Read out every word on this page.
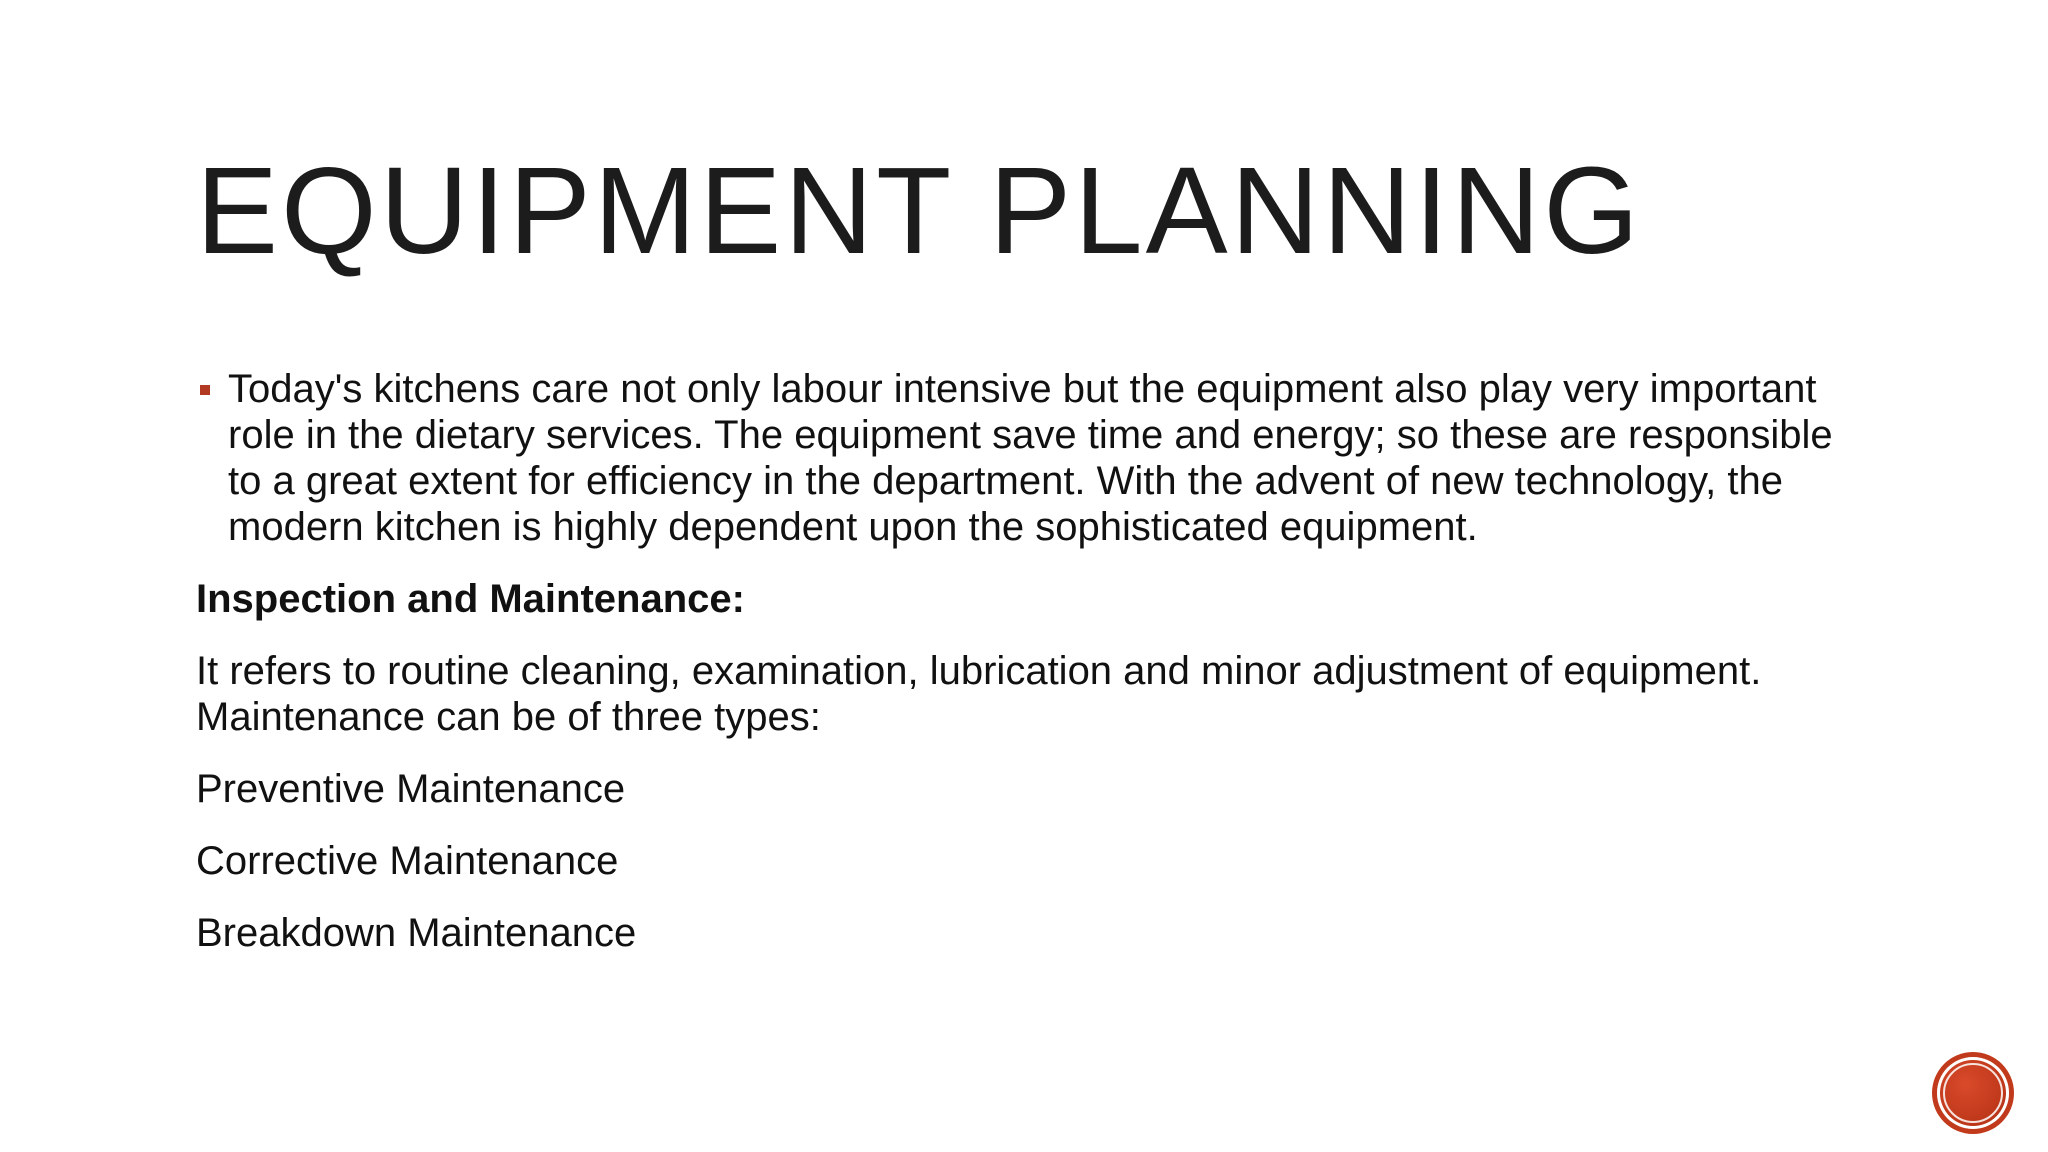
EQUIPMENT PLANNING

Today's kitchens care not only labour intensive but the equipment also play very important role in the dietary services. The equipment save time and energy; so these are responsible to a great extent for efficiency in the department. With the advent of new technology, the modern kitchen is highly dependent upon the sophisticated equipment.

Inspection and Maintenance:

It refers to routine cleaning, examination, lubrication and minor adjustment of equipment. Maintenance can be of three types:

Preventive Maintenance

Corrective Maintenance

Breakdown Maintenance
